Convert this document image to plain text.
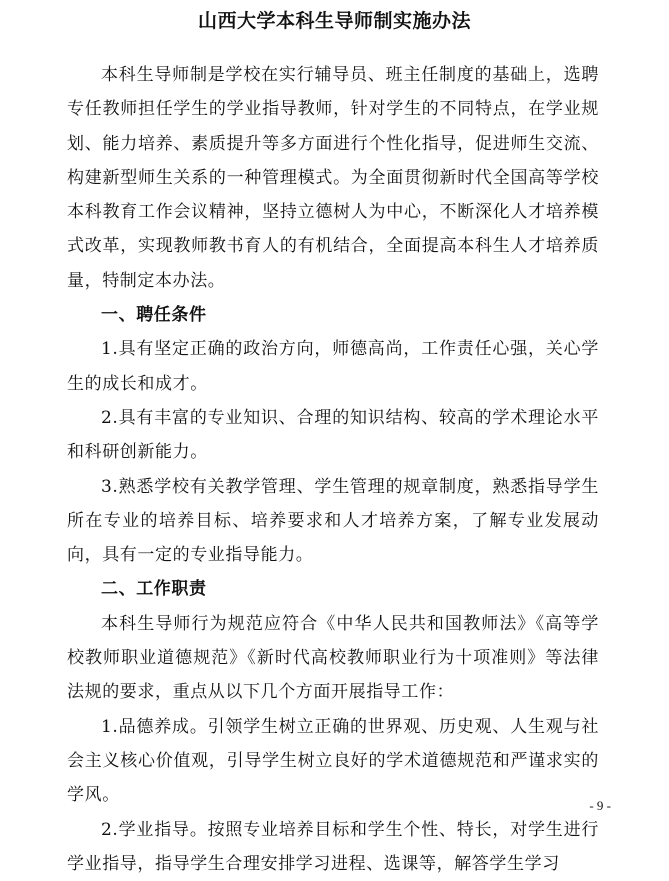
山西大学本科生导师制实施办法

本科生导师制是学校在实行辅导员、班主任制度的基础上，选聘专任教师担任学生的学业指导教师，针对学生的不同特点，在学业规划、能力培养、素质提升等多方面进行个性化指导，促进师生交流、构建新型师生关系的一种管理模式。为全面贯彻新时代全国高等学校本科教育工作会议精神，坚持立德树人为中心，不断深化人才培养模式改革，实现教师教书育人的有机结合，全面提高本科生人才培养质量，特制定本办法。

一、聘任条件

1.具有坚定正确的政治方向，师德高尚，工作责任心强，关心学生的成长和成才。

2.具有丰富的专业知识、合理的知识结构、较高的学术理论水平和科研创新能力。

3.熟悉学校有关教学管理、学生管理的规章制度，熟悉指导学生所在专业的培养目标、培养要求和人才培养方案，了解专业发展动向，具有一定的专业指导能力。

二、工作职责

本科生导师行为规范应符合《中华人民共和国教师法》《高等学校教师职业道德规范》《新时代高校教师职业行为十项准则》等法律法规的要求，重点从以下几个方面开展指导工作：

1.品德养成。引领学生树立正确的世界观、历史观、人生观与社会主义核心价值观，引导学生树立良好的学术道德规范和严谨求实的学风。

2.学业指导。按照专业培养目标和学生个性、特长，对学生进行学业指导，指导学生合理安排学习进程、选课等，解答学生学习

- 9 -
